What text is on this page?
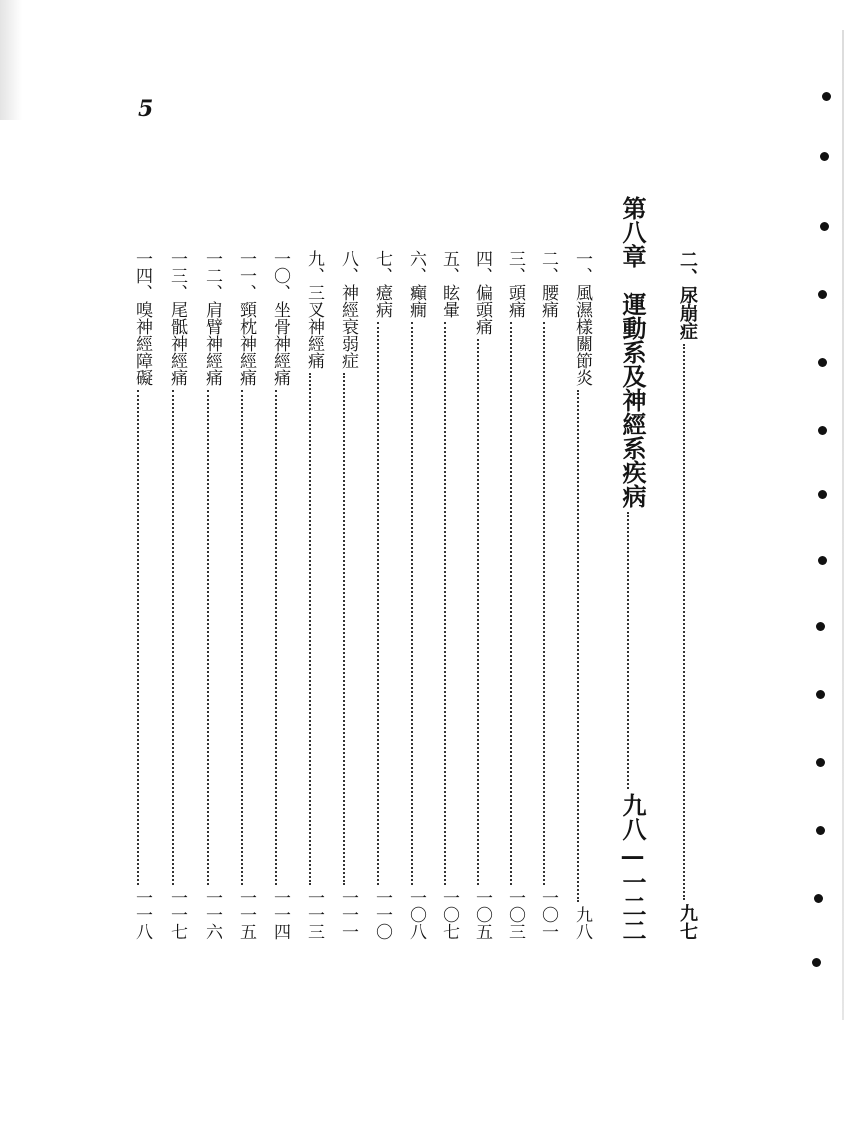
5
二、尿崩症
九七
第八章　運動系及神經系疾病
九八—一二二
一、風濕樣關節炎
九八
二、腰痛
一〇一
三、頭痛
一〇三
四、偏頭痛
一〇五
五、眩暈
一〇七
六、癲癇
一〇八
七、癔病
一一〇
八、神經衰弱症
一一一
九、三叉神經痛
一一三
一〇、坐骨神經痛
一一四
一一、頸枕神經痛
一一五
一二、肩臂神經痛
一一六
一三、尾骶神經痛
一一七
一四、嗅神經障礙
一一八
